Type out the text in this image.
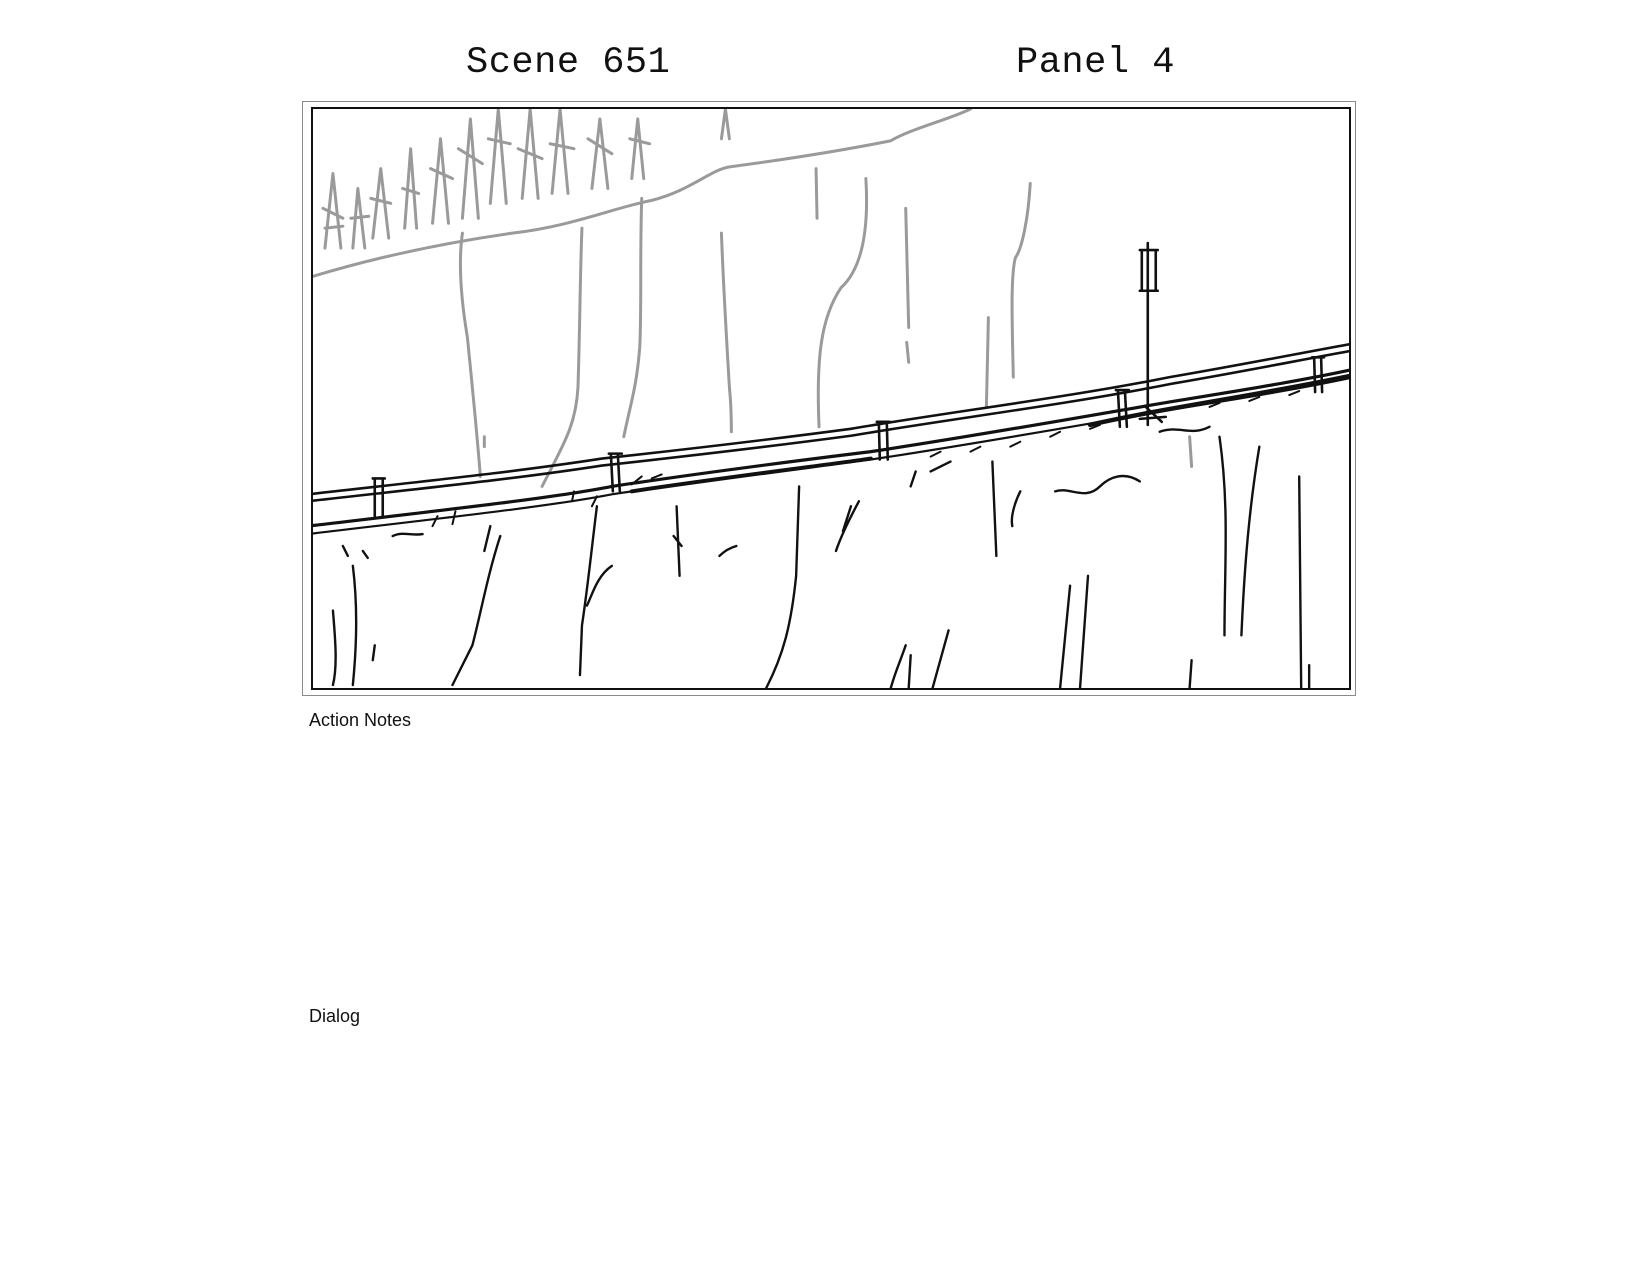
Scene 651	Panel 4
Action Notes
Dialog
